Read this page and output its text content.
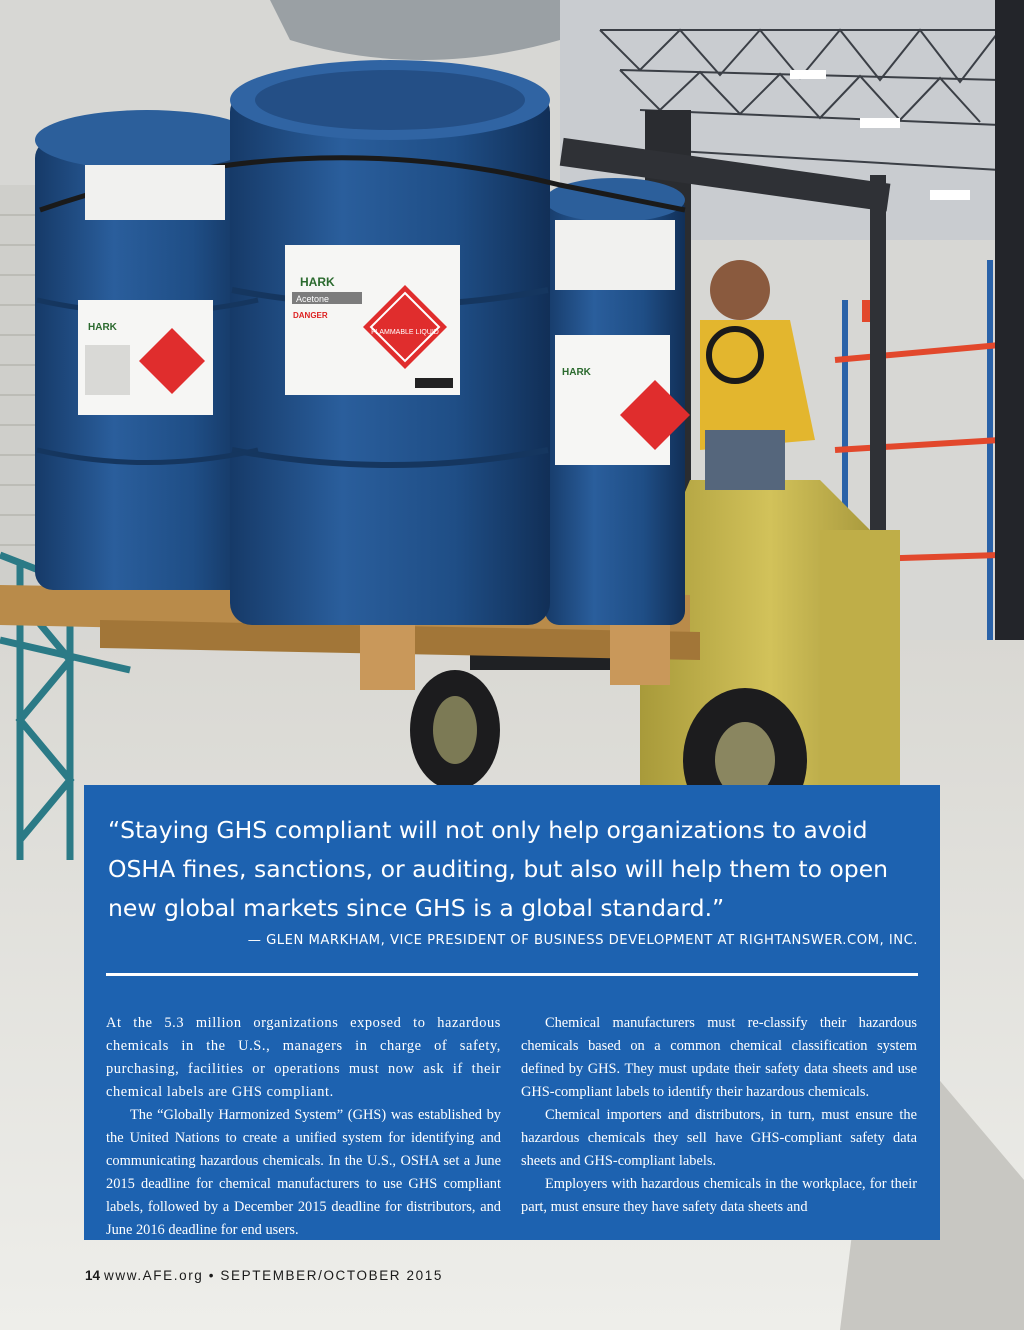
HARK
Acetone
DANGER
FLAMMABLE LIQUID
HARK
HARK

“Staying GHS compliant will not only help organizations to avoid OSHA fines, sanctions, or auditing, but also will help them to open new global markets since GHS is a global standard.”

— GLEN MARKHAM, VICE PRESIDENT OF BUSINESS DEVELOPMENT AT RIGHTANSWER.COM, INC.

At the 5.3 million organizations exposed to hazardous chemicals in the U.S., managers in charge of safety, purchasing, facilities or operations must now ask if their chemical labels are GHS compliant.

The “Globally Harmonized System” (GHS) was established by the United Nations to create a unified system for identifying and communicating hazardous chemicals. In the U.S., OSHA set a June 2015 deadline for chemical manufacturers to use GHS compliant labels, followed by a December 2015 deadline for distributors, and June 2016 deadline for end users.

Chemical manufacturers must re-classify their hazardous chemicals based on a common chemical classification system defined by GHS. They must update their safety data sheets and use GHS-compliant labels to identify their hazardous chemicals.

Chemical importers and distributors, in turn, must ensure the hazardous chemicals they sell have GHS-compliant safety data sheets and GHS-compliant labels.

Employers with hazardous chemicals in the workplace, for their part, must ensure they have safety data sheets and

14 www.AFE.org • SEPTEMBER/OCTOBER 2015
